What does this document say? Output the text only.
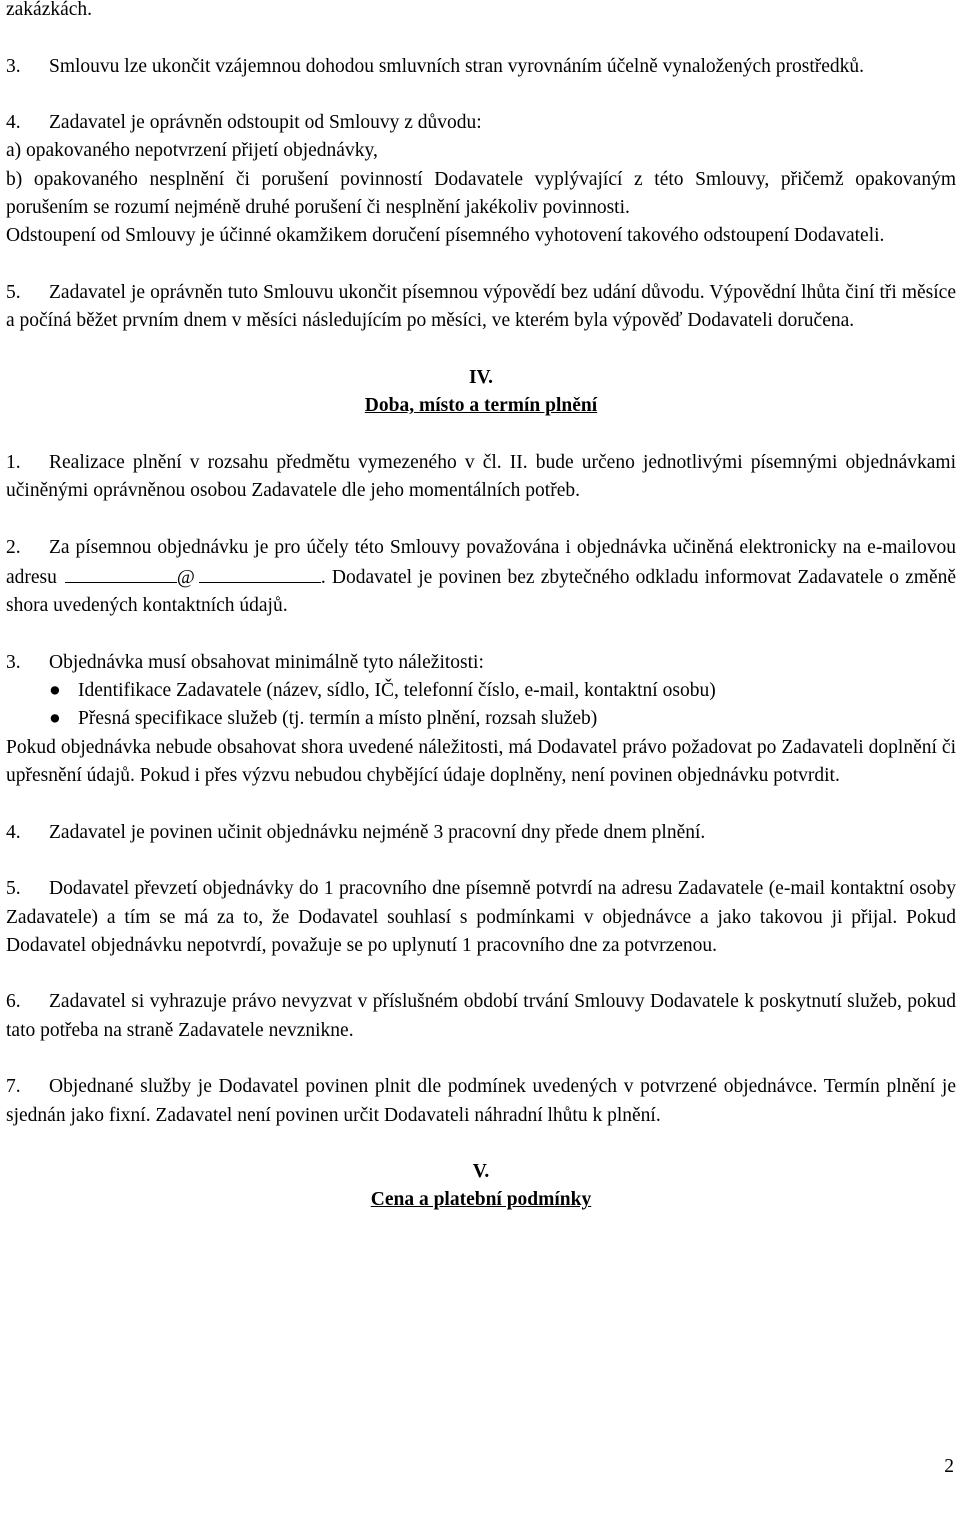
zakázkách.

3. Smlouvu lze ukončit vzájemnou dohodou smluvních stran vyrovnáním účelně vynaložených prostředků.

4. Zadavatel je oprávněn odstoupit od Smlouvy z důvodu:

a) opakovaného nepotvrzení přijetí objednávky,

b) opakovaného nesplnění či porušení povinností Dodavatele vyplývající z této Smlouvy, přičemž opakovaným porušením se rozumí nejméně druhé porušení či nesplnění jakékoliv povinnosti.

Odstoupení od Smlouvy je účinné okamžikem doručení písemného vyhotovení takového odstoupení Dodavateli.

5. Zadavatel je oprávněn tuto Smlouvu ukončit písemnou výpovědí bez udání důvodu. Výpovědní lhůta činí tři měsíce a počíná běžet prvním dnem v měsíci následujícím po měsíci, ve kterém byla výpověď Dodavateli doručena.

IV.

Doba, místo a termín plnění

1. Realizace plnění v rozsahu předmětu vymezeného v čl. II. bude určeno jednotlivými písemnými objednávkami učiněnými oprávněnou osobou Zadavatele dle jeho momentálních potřeb.

2. Za písemnou objednávku je pro účely této Smlouvy považována i objednávka učiněná elektronicky na e-mailovou adresu	@	. Dodavatel je povinen bez zbytečného odkladu informovat Zadavatele o změně shora uvedených kontaktních údajů.

3. Objednávka musí obsahovat minimálně tyto náležitosti:

● Identifikace Zadavatele (název, sídlo, IČ, telefonní číslo, e-mail, kontaktní osobu)
● Přesná specifikace služeb (tj. termín a místo plnění, rozsah služeb)

Pokud objednávka nebude obsahovat shora uvedené náležitosti, má Dodavatel právo požadovat po Zadavateli doplnění či upřesnění údajů. Pokud i přes výzvu nebudou chybějící údaje doplněny, není povinen objednávku potvrdit.

4. Zadavatel je povinen učinit objednávku nejméně 3 pracovní dny přede dnem plnění.

5. Dodavatel převzetí objednávky do 1 pracovního dne písemně potvrdí na adresu Zadavatele (e-mail kontaktní osoby Zadavatele) a tím se má za to, že Dodavatel souhlasí s podmínkami v objednávce a jako takovou ji přijal. Pokud Dodavatel objednávku nepotvrdí, považuje se po uplynutí 1 pracovního dne za potvrzenou.

6. Zadavatel si vyhrazuje právo nevyzvat v příslušném období trvání Smlouvy Dodavatele k poskytnutí služeb, pokud tato potřeba na straně Zadavatele nevznikne.

7. Objednané služby je Dodavatel povinen plnit dle podmínek uvedených v potvrzené objednávce. Termín plnění je sjednán jako fixní. Zadavatel není povinen určit Dodavateli náhradní lhůtu k plnění.

V.

Cena a platební podmínky

2
